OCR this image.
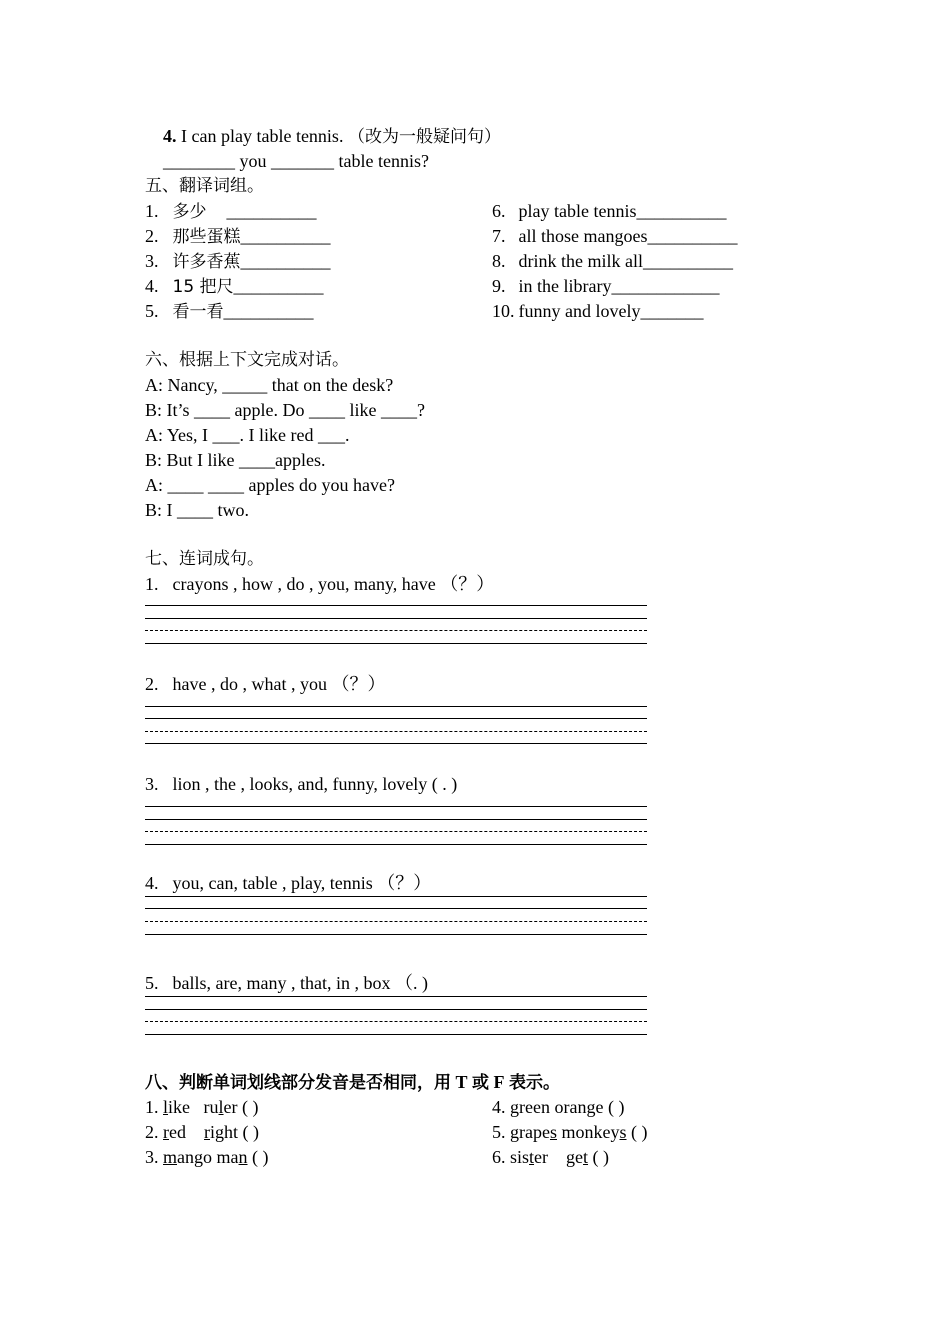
4. I can play table tennis. （改为一般疑问句）
________ you _______ table tennis?
五、翻译词组。
1. 多少 __________
2. 那些蛋糕__________
3. 许多香蕉__________
4. 15 把尺__________
5. 看一看__________
6. play table tennis__________
7. all those mangoes__________
8. drink the milk all__________
9. in the library____________
10. funny and lovely_______
六、根据上下文完成对话。
A: Nancy, _____ that on the desk?
B: It’s ____ apple. Do ____ like ____?
A: Yes, I ___. I like red ___.
B: But I like ____apples.
A: ____ ____ apples do you have?
B: I ____ two.
七、连词成句。
1. crayons , how , do , you, many, have （？）
2. have , do , what , you （？）
3. lion , the , looks, and, funny, lovely ( . )
4. you, can, table , play, tennis （？）
5. balls, are, many , that, in , box （. )
八、判断单词划线部分发音是否相同，用 T 或 F 表示。
1. like ruler ( )
2. red right ( )
3. mango man ( )
4. green orange ( )
5. grapes monkeys ( )
6. sister get ( )
